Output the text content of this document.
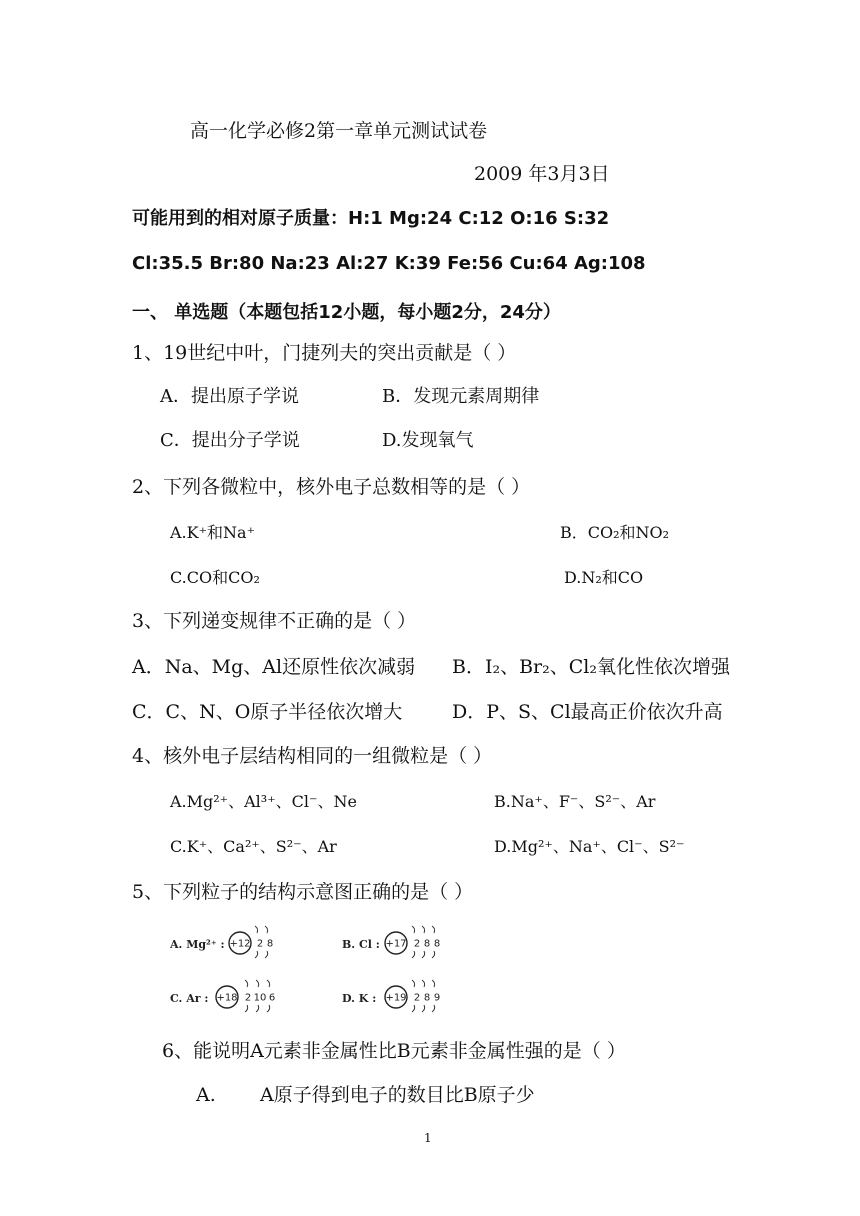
高一化学必修2第一章单元测试试卷
2009 年3月3日
可能用到的相对原子质量：H:1 Mg:24 C:12 O:16 S:32
Cl:35.5 Br:80 Na:23 Al:27 K:39 Fe:56 Cu:64 Ag:108
一、 单选题（本题包括12小题，每小题2分，24分）
1、19世纪中叶，门捷列夫的突出贡献是（ ）
A．提出原子学说	B．发现元素周期律
C．提出分子学说	D.发现氧气
2、下列各微粒中，核外电子总数相等的是（ ）
A.K⁺和Na⁺	B．CO₂和NO₂
C.CO和CO₂	D.N₂和CO
3、下列递变规律不正确的是（ ）
A．Na、Mg、Al还原性依次减弱 B．I₂、Br₂、Cl₂氧化性依次增强
C．C、N、O原子半径依次增大	D．P、S、Cl最高正价依次升高
4、核外电子层结构相同的一组微粒是（ ）
A.Mg²⁺、Al³⁺、Cl⁻、Ne	B.Na⁺、F⁻、S²⁻、Ar
C.K⁺、Ca²⁺、S²⁻、Ar	D.Mg²⁺、Na⁺、Cl⁻、S²⁻
5、下列粒子的结构示意图正确的是（ ）
A. Mg²⁺ : +12 2 8	B. Cl : +17 2 8 8
C. Ar : +18 2 10 6	D. K : +19 2 8 9
6、能说明A元素非金属性比B元素非金属性强的是（ ）
A. A原子得到电子的数目比B原子少
1
